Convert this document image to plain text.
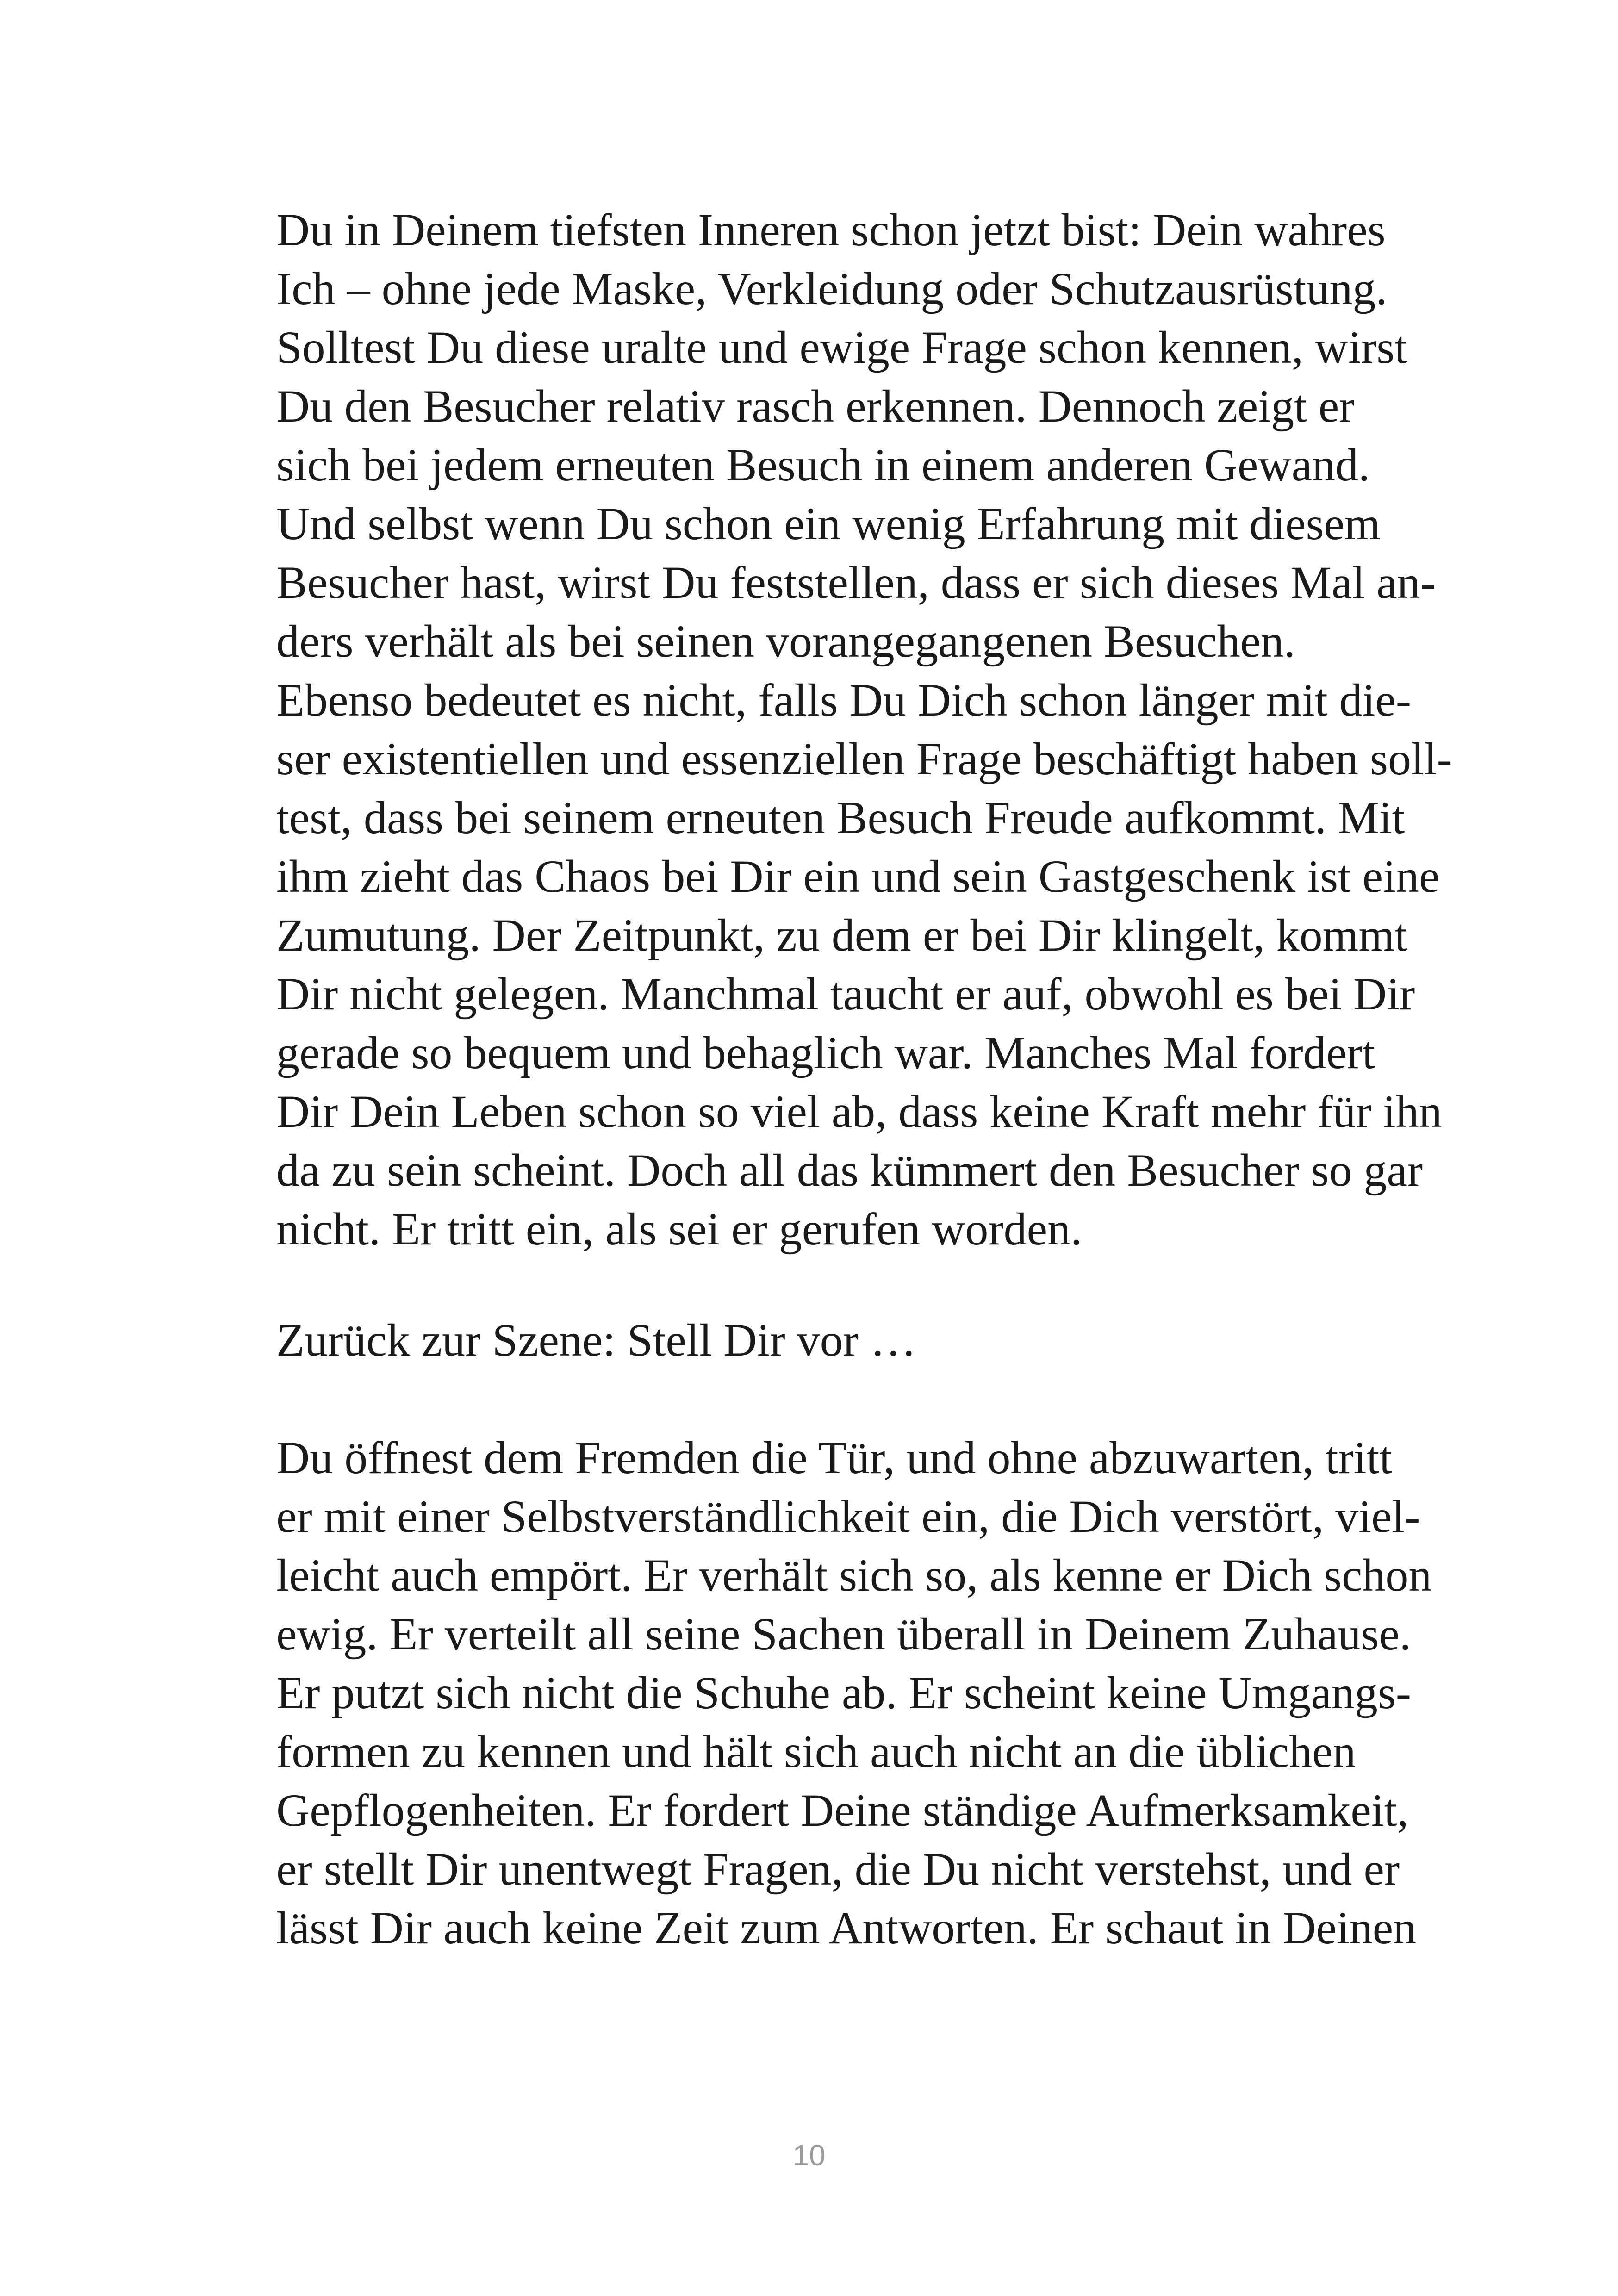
Du in Deinem tiefsten Inneren schon jetzt bist: Dein wahres
Ich – ohne jede Maske, Verkleidung oder Schutzausrüstung.
Solltest Du diese uralte und ewige Frage schon kennen, wirst
Du den Besucher relativ rasch erkennen. Dennoch zeigt er
sich bei jedem erneuten Besuch in einem anderen Gewand.
Und selbst wenn Du schon ein wenig Erfahrung mit diesem
Besucher hast, wirst Du feststellen, dass er sich dieses Mal an-
ders verhält als bei seinen vorangegangenen Besuchen.
Ebenso bedeutet es nicht, falls Du Dich schon länger mit die-
ser existentiellen und essenziellen Frage beschäftigt haben soll-
test, dass bei seinem erneuten Besuch Freude aufkommt. Mit
ihm zieht das Chaos bei Dir ein und sein Gastgeschenk ist eine
Zumutung. Der Zeitpunkt, zu dem er bei Dir klingelt, kommt
Dir nicht gelegen. Manchmal taucht er auf, obwohl es bei Dir
gerade so bequem und behaglich war. Manches Mal fordert
Dir Dein Leben schon so viel ab, dass keine Kraft mehr für ihn
da zu sein scheint. Doch all das kümmert den Besucher so gar
nicht. Er tritt ein, als sei er gerufen worden.
Zurück zur Szene: Stell Dir vor …
Du öffnest dem Fremden die Tür, und ohne abzuwarten, tritt
er mit einer Selbstverständlichkeit ein, die Dich verstört, viel-
leicht auch empört. Er verhält sich so, als kenne er Dich schon
ewig. Er verteilt all seine Sachen überall in Deinem Zuhause.
Er putzt sich nicht die Schuhe ab. Er scheint keine Umgangs-
formen zu kennen und hält sich auch nicht an die üblichen
Gepflogenheiten. Er fordert Deine ständige Aufmerksamkeit,
er stellt Dir unentwegt Fragen, die Du nicht verstehst, und er
lässt Dir auch keine Zeit zum Antworten. Er schaut in Deinen
10
